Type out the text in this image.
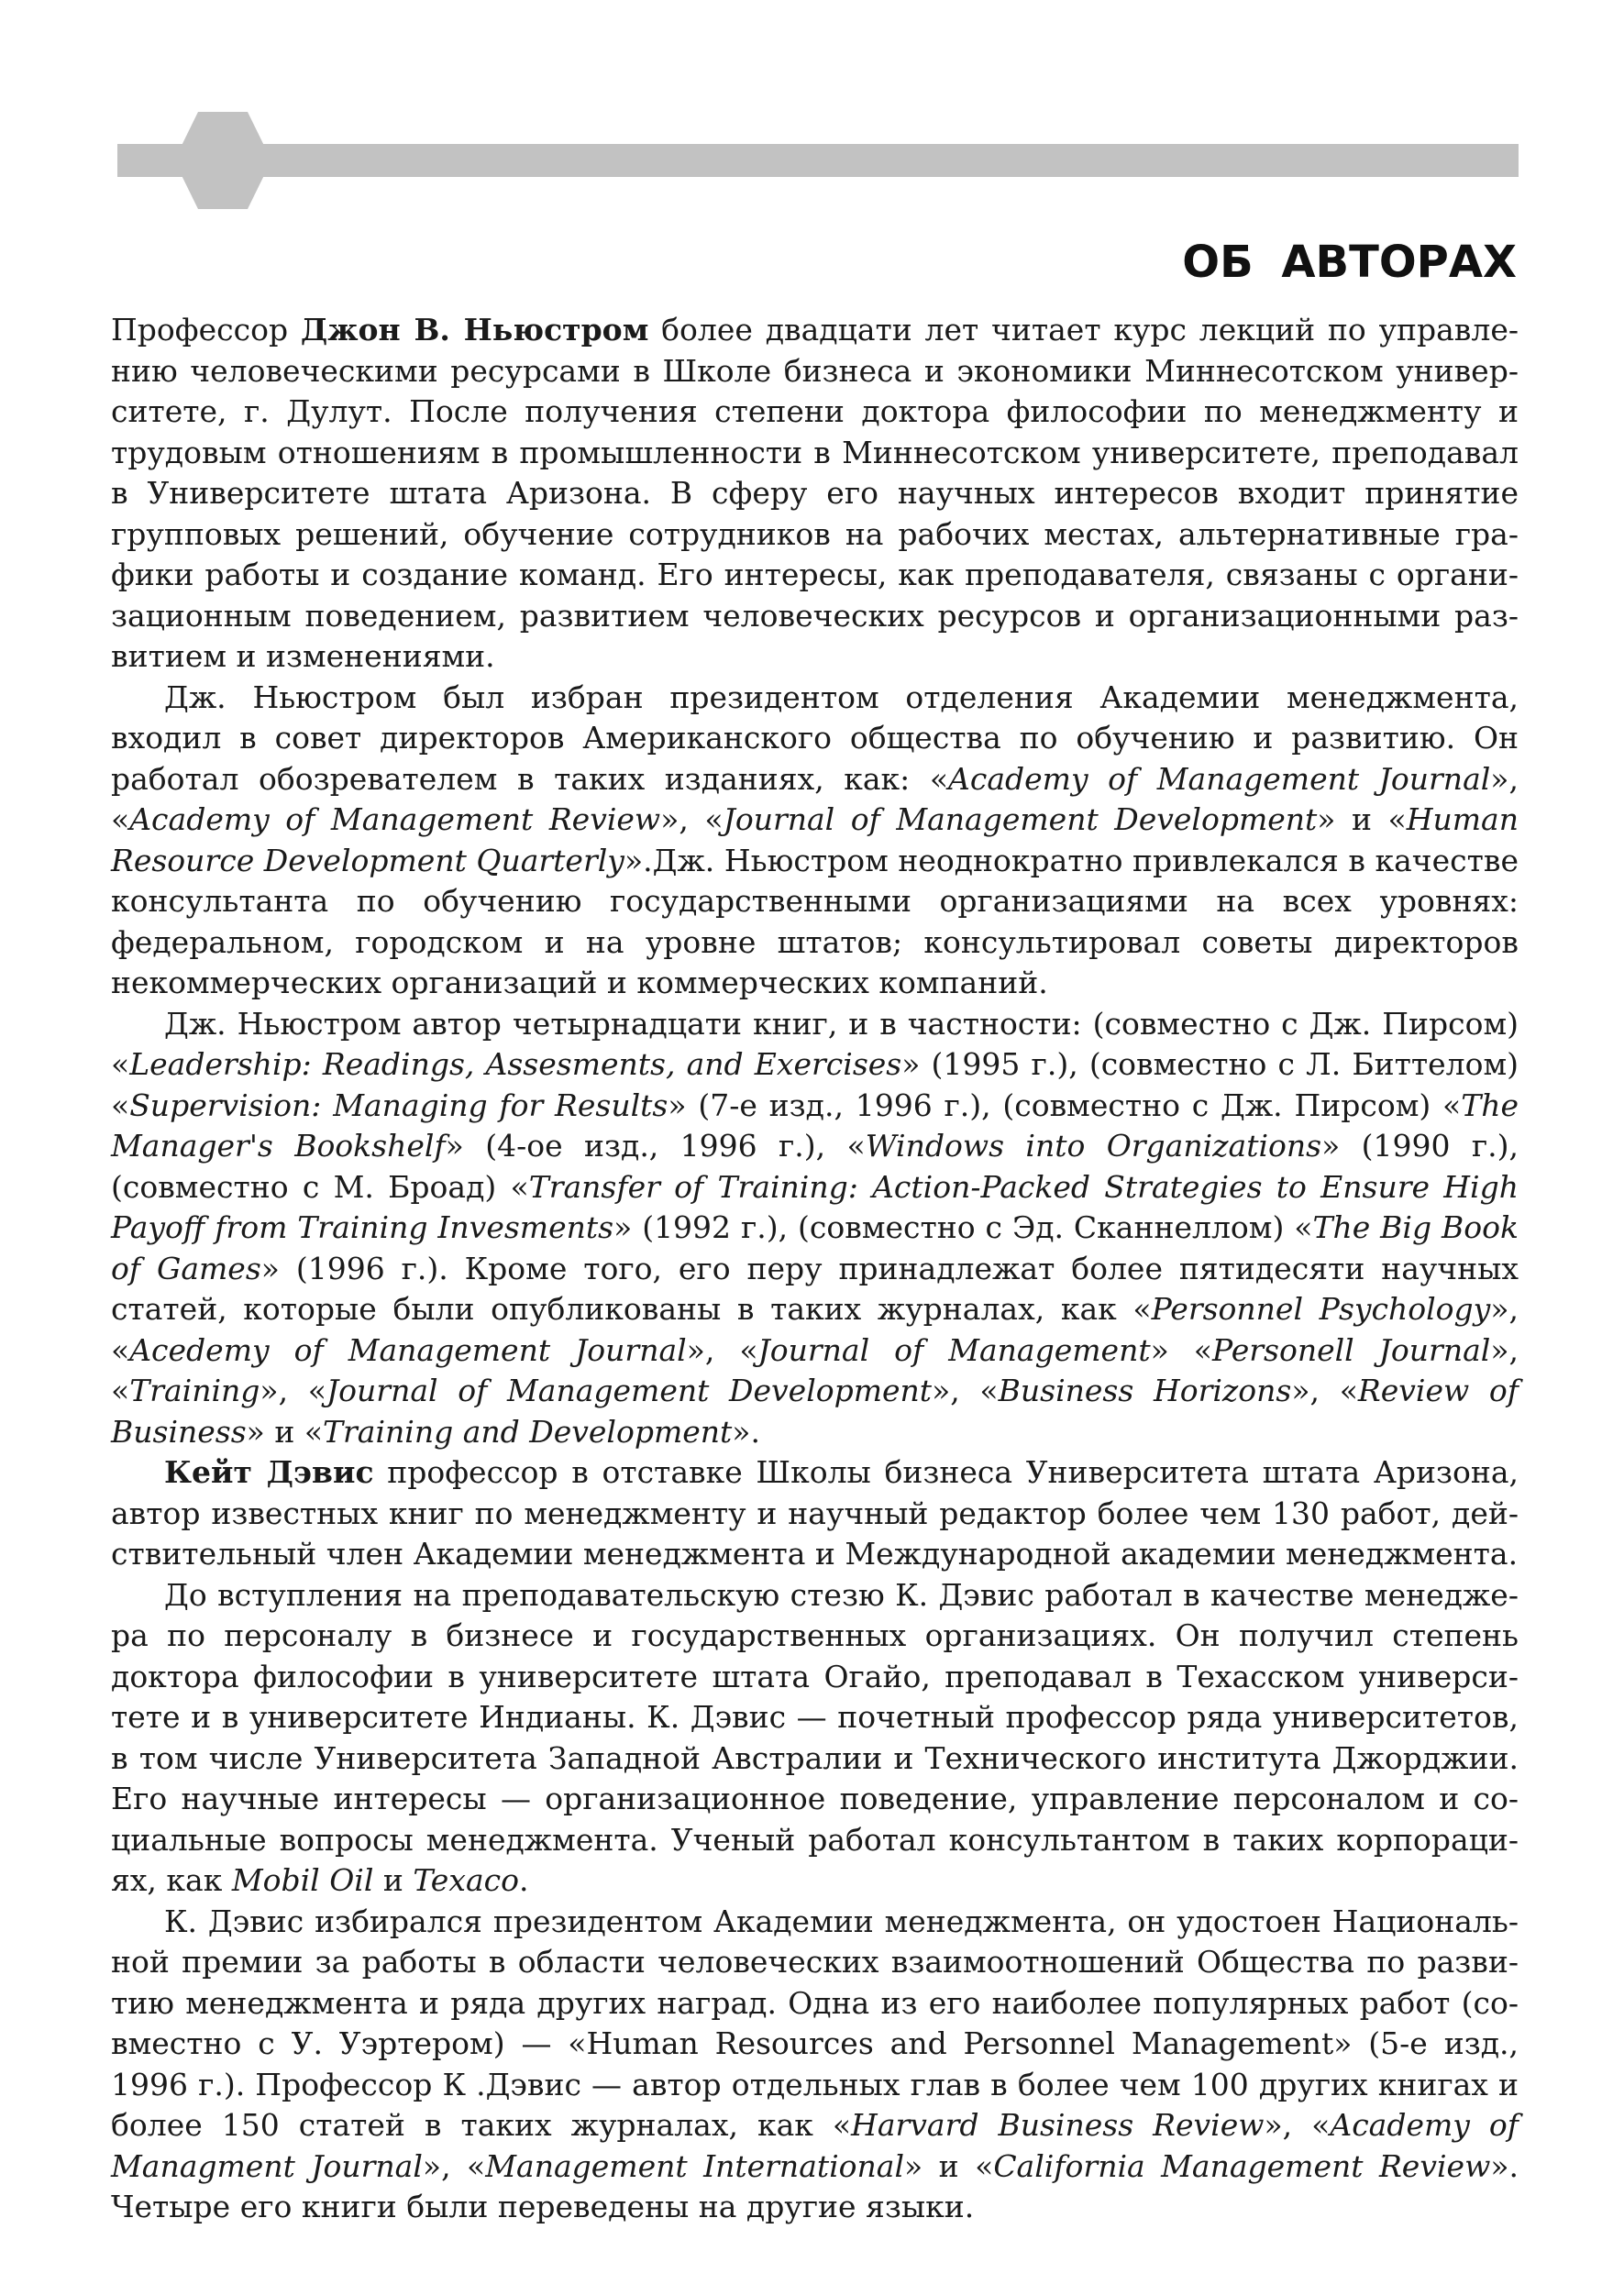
ОБ АВТОРАХ

Профессор Джон В. Ньюстром более двадцати лет читает курс лекций по управлению человеческими ресурсами в Школе бизнеса и экономики Миннесотском университете, г. Дулут. После получения степени доктора философии по менеджменту и трудовым отношениям в промышленности в Миннесотском университете, преподавал в Университете штата Аризона. В сферу его научных интересов входит принятие групповых решений, обучение сотрудников на рабочих местах, альтернативные графики работы и создание команд. Его интересы, как преподавателя, связаны с организационным поведением, развитием человеческих ресурсов и организационными развитием и изменениями.

Дж. Ньюстром был избран президентом отделения Академии менеджмента, входил в совет директоров Американского общества по обучению и развитию. Он работал обозревателем в таких изданиях, как: «Academy of Management Journal», «Academy of Management Review», «Journal of Management Development» и «Human Resource Development Quarterly».Дж. Ньюстром неоднократно привлекался в качестве консультанта по обучению государственными организациями на всех уровнях: федеральном, городском и на уровне штатов; консультировал советы директоров некоммерческих организаций и коммерческих компаний.

Дж. Ньюстром автор четырнадцати книг, и в частности: (совместно с Дж. Пирсом) «Leadership: Readings, Assesments, and Exercises» (1995 г.), (совместно с Л. Биттелом) «Supervision: Managing for Results» (7-е изд., 1996 г.), (совместно с Дж. Пирсом) «The Manager's Bookshelf» (4-ое изд., 1996 г.), «Windows into Organizations» (1990 г.), (совместно с М. Броад) «Transfer of Training: Action-Packed Strategies to Ensure High Payoff from Training Invesments» (1992 г.), (совместно с Эд. Сканнеллом) «The Big Book of Games» (1996 г.). Кроме того, его перу принадлежат более пятидесяти научных статей, которые были опубликованы в таких журналах, как «Personnel Psychology», «Acedemy of Management Journal», «Journal of Management» «Personell Journal», «Training», «Journal of Management Development», «Business Horizons», «Review of Business» и «Training and Development».

Кейт Дэвис профессор в отставке Школы бизнеса Университета штата Аризона, автор известных книг по менеджменту и научный редактор более чем 130 работ, действительный член Академии менеджмента и Международной академии менеджмента.

До вступления на преподавательскую стезю К. Дэвис работал в качестве менеджера по персоналу в бизнесе и государственных организациях. Он получил степень доктора философии в университете штата Огайо, преподавал в Техасском университете и в университете Индианы. К. Дэвис — почетный профессор ряда университетов, в том числе Университета Западной Австралии и Технического института Джорджии. Его научные интересы — организационное поведение, управление персоналом и социальные вопросы менеджмента. Ученый работал консультантом в таких корпорациях, как Mobil Oil и Texaco.

К. Дэвис избирался президентом Академии менеджмента, он удостоен Национальной премии за работы в области человеческих взаимоотношений Общества по развитию менеджмента и ряда других наград. Одна из его наиболее популярных работ (совместно с У. Уэртером) — «Human Resources and Personnel Management» (5-е изд., 1996 г.). Профессор К .Дэвис — автор отдельных глав в более чем 100 других книгах и более 150 статей в таких журналах, как «Harvard Business Review», «Academy of Managment Journal», «Management International» и «California Management Review». Четыре его книги были переведены на другие языки.
